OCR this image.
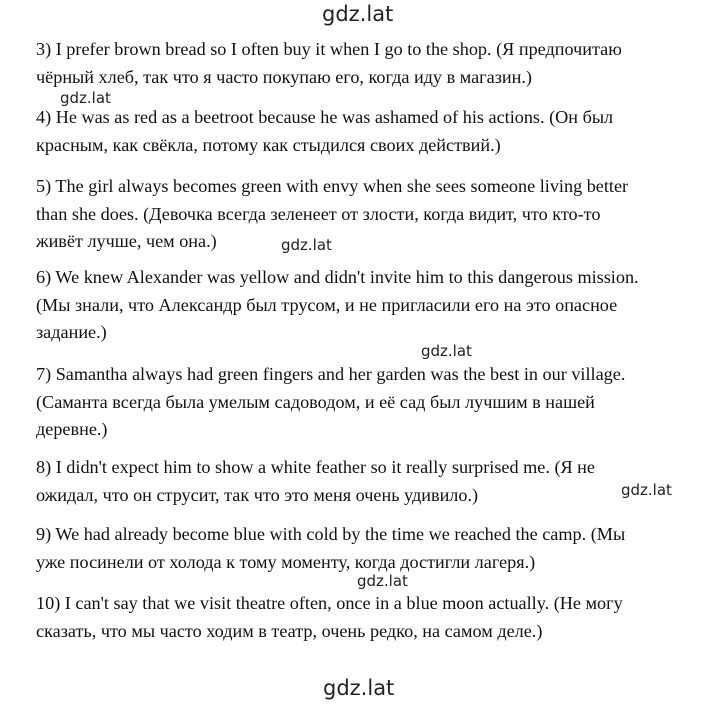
gdz.lat
3) I prefer brown bread so I often buy it when I go to the shop. (Я предпочитаю
чёрный хлеб, так что я часто покупаю его, когда иду в магазин.)
gdz.lat
4) He was as red as a beetroot because he was ashamed of his actions. (Он был
красным, как свёкла, потому как стыдился своих действий.)
5) The girl always becomes green with envy when she sees someone living better
than she does. (Девочка всегда зеленеет от злости, когда видит, что кто-то
живёт лучше, чем она.)	gdz.lat
6) We knew Alexander was yellow and didn't invite him to this dangerous mission.
(Мы знали, что Александр был трусом, и не пригласили его на это опасное
задание.)
gdz.lat
7) Samantha always had green fingers and her garden was the best in our village.
(Саманта всегда была умелым садоводом, и её сад был лучшим в нашей
деревне.)
8) I didn't expect him to show a white feather so it really surprised me. (Я не
ожидал, что он струсит, так что это меня очень удивило.)	gdz.lat
9) We had already become blue with cold by the time we reached the camp. (Мы
уже посинели от холода к тому моменту, когда достигли лагеря.)
gdz.lat
10) I can't say that we visit theatre often, once in a blue moon actually. (Не могу
сказать, что мы часто ходим в театр, очень редко, на самом деле.)
gdz.lat
